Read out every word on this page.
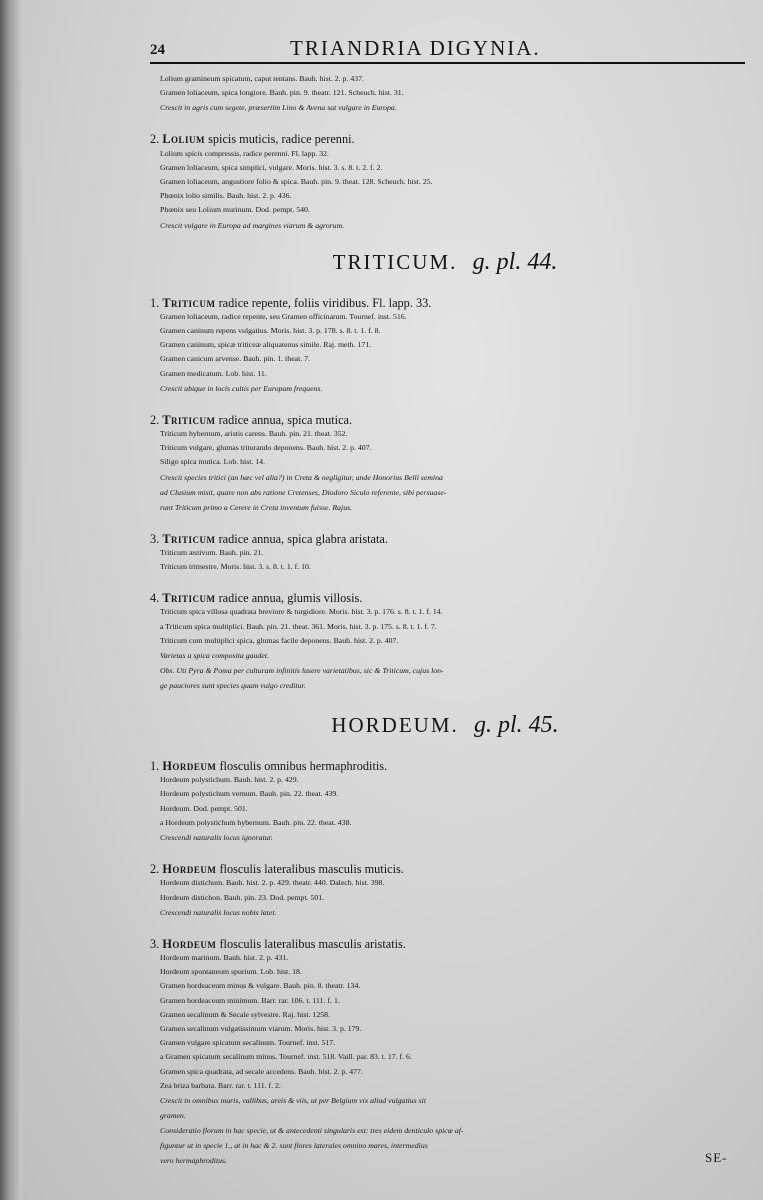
24	TRIANDRIA DIGYNIA.
Lolium gramineum spicatum, caput tentans. Bauh. hist. 2. p. 437.
Gramen loliaceum, spica longiore. Bauh. pin. 9. theatr. 121. Scheuch. hist. 31.
Crescit in agris cum segete, præsertim Lino & Avena sat vulgare in Europa.
2. Lolium spicis muticis, radice perenni.
Lolium spicis compressis, radice perenni. Fl. lapp. 32.
Gramen loliaceum, spica simplici, vulgare. Moris. hist. 3. s. 8. t. 2. f. 2.
Gramen loliaceum, angustiore folio & spica. Bauh. pin. 9. theat. 128. Scheuch. hist. 25.
Phœnix lolio similis. Bauh. hist. 2. p. 436.
Phœnix seu Lolium murinum. Dod. pempt. 540.
Crescit vulgare in Europa ad margines viarum & agrorum.
TRITICUM. g. pl. 44.
1. Triticum radice repente, foliis viridibus. Fl. lapp. 33.
Gramen loliaceum, radice repente, seu Gramen officinarum. Tournef. inst. 516.
Gramen caninum repens vulgatius. Moris. hist. 3. p. 178. s. 8. t. 1. f. 8.
Gramen caninum, spicæ triticeæ aliquatenus simile. Raj. meth. 171.
Gramen canicum arvense. Bauh. pin. 1. theat. 7.
Gramen medicatum. Lob. hist. 11.
Crescit ubique in locis cultis per Europam frequens.
2. Triticum radice annua, spica mutica.
Triticum hybernum, aristis carens. Bauh. pin. 21. theat. 352.
Triticum vulgare, glumas triturando deponens. Bauh. hist. 2. p. 407.
Siligo spica mutica. Lob. hist. 14.
Crescit species tritici (an hæc vel alia?) in Creta & negligitur, unde Honorius Belli semina
ad Clusium misit, quare non abs ratione Cretenses, Diodoro Siculo referente, sibi persuase-
runt Triticum primo a Cerere in Creta inventum fuisse. Rajus.
3. Triticum radice annua, spica glabra aristata.
Triticum æstivum. Bauh. pin. 21.
Triticum trimestre. Moris. hist. 3. s. 8. t. 1. f. 10.
4. Triticum radice annua, glumis villosis.
Triticum spica villosa quadrata breviore & turgidiore. Moris. hist. 3. p. 176. s. 8. t. 1. f. 14.
a Triticum spica multiplici. Bauh. pin. 21. theat. 361. Moris. hist. 3. p. 175. s. 8. t. 1. f. 7.
Triticum cum multiplici spica, glumas facile deponens. Bauh. hist. 2. p. 407.
Varietas a spica composita gaudet.
Obs. Uti Pyra & Poma per culturam infinitis lusere varietatibus, sic & Triticum, cujus lon-
ge pauciores sunt species quam vulgo creditur.
HORDEUM. g. pl. 45.
1. Hordeum flosculis omnibus hermaphroditis.
Hordeum polystichum. Bauh. hist. 2. p. 429.
Hordeum polystichum vernum. Bauh. pin. 22. theat. 439.
Hordeum. Dod. pempt. 501.
a Hordeum polystichum hybernum. Bauh. pin. 22. theat. 438.
Crescendi naturalis locus ignoratur.
2. Hordeum flosculis lateralibus masculis muticis.
Hordeum distichum. Bauh. hist. 2. p. 429. theatr. 440. Dalech. hist. 398.
Hordeum distichon. Bauh. pin. 23. Dod. pempt. 501.
Crescendi naturalis locus nobis latet.
3. Hordeum flosculis lateralibus masculis aristatis.
Hordeum marinum. Bauh. hist. 2. p. 431.
Hordeum spontaneum spurium. Lob. hist. 18.
Gramen hordeaceum minus & vulgare. Bauh. pin. 8. theatr. 134.
Gramen hordeaceum minimum. Barr. rar. 106. t. 111. f. 1.
Gramen secalinum & Secale sylvestre. Raj. hist. 1258.
Gramen secalinum vulgatissimum viarum. Moris. hist. 3. p. 179.
Gramen vulgare spicatum secalinum. Tournef. inst. 517.
a Gramen spicatum secalinum minus. Tournef. inst. 518. Vaill. par. 83. t. 17. f. 6.
Gramen spica quadrata, ad secale accedens. Bauh. hist. 2. p. 477.
Zea briza barbata. Barr. rar. t. 111. f. 2.
Crescit in omnibus muris, vallibus, areis & viis, ut per Belgium vix aliud vulgatius sit
gramen.
Consideratio florum in hac specie, ut & antecedenti singularis est: tres eidem denticulo spicæ af-
figuntur ut in specie 1., at in hac & 2. sunt flores laterales omnino mares, intermedius
vero hermaphroditus.	SE-
